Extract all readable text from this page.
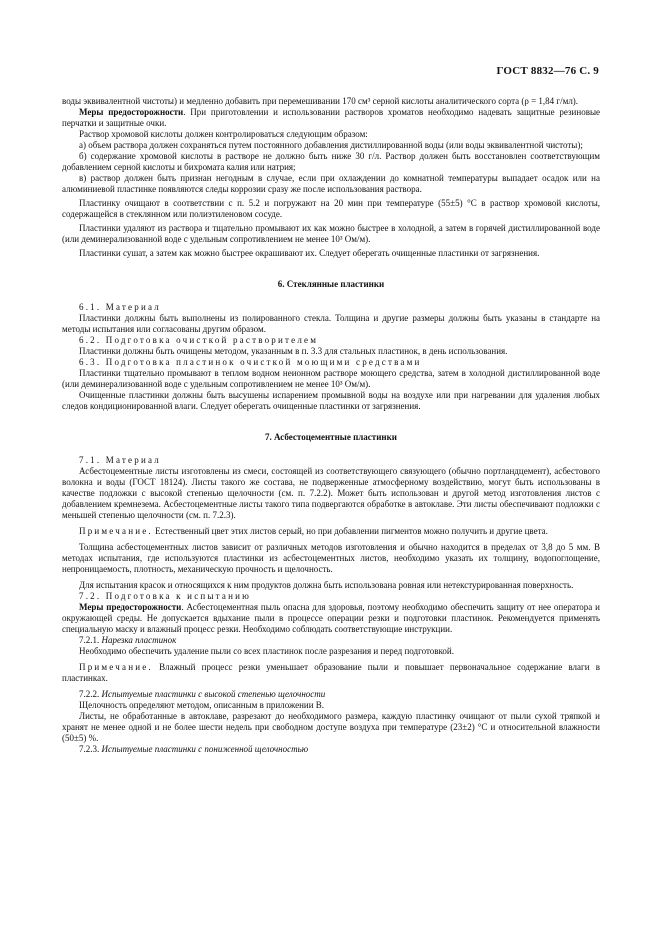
ГОСТ 8832—76 С. 9

воды эквивалентной чистоты) и медленно добавить при перемешивании 170 см³ серной кислоты аналитического сорта (ρ = 1,84 г/мл).

Меры предосторожности. При приготовлении и использовании растворов хроматов необходимо надевать защитные резиновые перчатки и защитные очки.

Раствор хромовой кислоты должен контролироваться следующим образом:

а) объем раствора должен сохраняться путем постоянного добавления дистиллированной воды (или воды эквивалентной чистоты);

б) содержание хромовой кислоты в растворе не должно быть ниже 30 г/л. Раствор должен быть восстановлен соответствующим добавлением серной кислоты и бихромата калия или натрия;

в) раствор должен быть признан негодным в случае, если при охлаждении до комнатной температуры выпадает осадок или на алюминиевой пластинке появляются следы коррозии сразу же после использования раствора.

Пластинку очищают в соответствии с п. 5.2 и погружают на 20 мин при температуре (55±5) °С в раствор хромовой кислоты, содержащейся в стеклянном или полиэтиленовом сосуде.

Пластинки удаляют из раствора и тщательно промывают их как можно быстрее в холодной, а затем в горячей дистиллированной воде (или деминерализованной воде с удельным сопротивлением не менее 10³ Ом/м).

Пластинки сушат, а затем как можно быстрее окрашивают их. Следует оберегать очищенные пластинки от загрязнения.

6. Стеклянные пластинки

6.1. Материал

Пластинки должны быть выполнены из полированного стекла. Толщина и другие размеры должны быть указаны в стандарте на методы испытания или согласованы другим образом.

6.2. Подготовка очисткой растворителем

Пластинки должны быть очищены методом, указанным в п. 3.3 для стальных пластинок, в день использования.

6.3. Подготовка пластинок очисткой моющими средствами

Пластинки тщательно промывают в теплом водном неионном растворе моющего средства, затем в холодной дистиллированной воде (или деминерализованной воде с удельным сопротивлением не менее 10³ Ом/м).

Очищенные пластинки должны быть высушены испарением промывной воды на воздухе или при нагревании для удаления любых следов кондиционированной влаги. Следует оберегать очищенные пластинки от загрязнения.

7. Асбестоцементные пластинки

7.1. Материал

Асбестоцементные листы изготовлены из смеси, состоящей из соответствующего связующего (обычно портландцемент), асбестового волокна и воды (ГОСТ 18124). Листы такого же состава, не подверженные атмосферному воздействию, могут быть использованы в качестве подложки с высокой степенью щелочности (см. п. 7.2.2). Может быть использован и другой метод изготовления листов с добавлением кремнезема. Асбестоцементные листы такого типа подвергаются обработке в автоклаве. Эти листы обеспечивают подложки с меньшей степенью щелочности (см. п. 7.2.3).

Примечание. Естественный цвет этих листов серый, но при добавлении пигментов можно получить и другие цвета.

Толщина асбестоцементных листов зависит от различных методов изготовления и обычно находится в пределах от 3,8 до 5 мм. В методах испытания, где используются пластинки из асбестоцементных листов, необходимо указать их толщину, водопоглощение, непроницаемость, плотность, механическую прочность и щелочность.

Для испытания красок и относящихся к ним продуктов должна быть использована ровная или нетекстурированная поверхность.

7.2. Подготовка к испытанию

Меры предосторожности. Асбестоцементная пыль опасна для здоровья, поэтому необходимо обеспечить защиту от нее оператора и окружающей среды. Не допускается вдыхание пыли в процессе операции резки и подготовки пластинок. Рекомендуется применять специальную маску и влажный процесс резки. Необходимо соблюдать соответствующие инструкции.

7.2.1. Нарезка пластинок

Необходимо обеспечить удаление пыли со всех пластинок после разрезания и перед подготовкой.

Примечание. Влажный процесс резки уменьшает образование пыли и повышает первоначальное содержание влаги в пластинках.

7.2.2. Испытуемые пластинки с высокой степенью щелочности

Щелочность определяют методом, описанным в приложении В.

Листы, не обработанные в автоклаве, разрезают до необходимого размера, каждую пластинку очищают от пыли сухой тряпкой и хранят не менее одной и не более шести недель при свободном доступе воздуха при температуре (23±2) °С и относительной влажности (50±5) %.

7.2.3. Испытуемые пластинки с пониженной щелочностью
